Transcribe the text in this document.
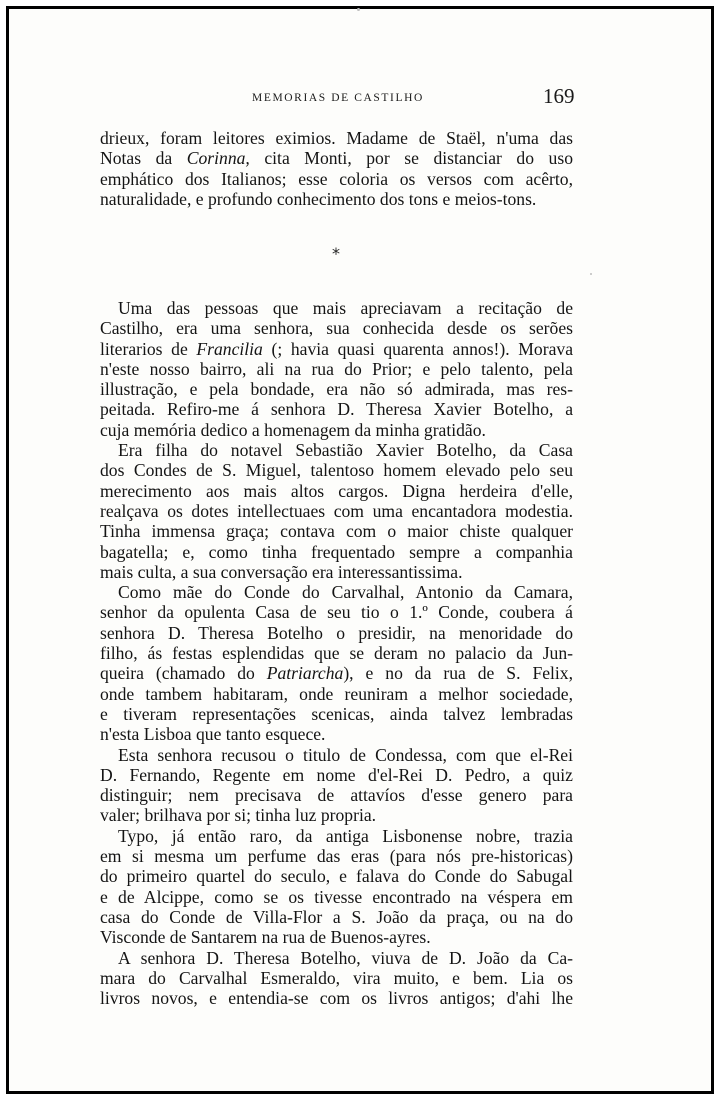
MEMORIAS DE CASTILHO	169
drieux, foram leitores eximios. Madame de Staël, n'uma das
Notas da Corinna, cita Monti, por se distanciar do uso
emphático dos Italianos; esse coloria os versos com acêrto,
naturalidade, e profundo conhecimento dos tons e meios-tons.
*
Uma das pessoas que mais apreciavam a recitação de
Castilho, era uma senhora, sua conhecida desde os serões
literarios de Francilia (; havia quasi quarenta annos!). Morava
n'este nosso bairro, ali na rua do Prior; e pelo talento, pela
illustração, e pela bondade, era não só admirada, mas res-
peitada. Refiro-me á senhora D. Theresa Xavier Botelho, a
cuja memória dedico a homenagem da minha gratidão.
Era filha do notavel Sebastião Xavier Botelho, da Casa
dos Condes de S. Miguel, talentoso homem elevado pelo seu
merecimento aos mais altos cargos. Digna herdeira d'elle,
realçava os dotes intellectuaes com uma encantadora modestia.
Tinha immensa graça; contava com o maior chiste qualquer
bagatella; e, como tinha frequentado sempre a companhia
mais culta, a sua conversação era interessantissima.
Como mãe do Conde do Carvalhal, Antonio da Camara,
senhor da opulenta Casa de seu tio o 1.º Conde, coubera á
senhora D. Theresa Botelho o presidir, na menoridade do
filho, ás festas esplendidas que se deram no palacio da Jun-
queira (chamado do Patriarcha), e no da rua de S. Felix,
onde tambem habitaram, onde reuniram a melhor sociedade,
e tiveram representações scenicas, ainda talvez lembradas
n'esta Lisboa que tanto esquece.
Esta senhora recusou o titulo de Condessa, com que el-Rei
D. Fernando, Regente em nome d'el-Rei D. Pedro, a quiz
distinguir; nem precisava de attavíos d'esse genero para
valer; brilhava por si; tinha luz propria.
Typo, já então raro, da antiga Lisbonense nobre, trazia
em si mesma um perfume das eras (para nós pre-historicas)
do primeiro quartel do seculo, e falava do Conde do Sabugal
e de Alcippe, como se os tivesse encontrado na véspera em
casa do Conde de Villa-Flor a S. João da praça, ou na do
Visconde de Santarem na rua de Buenos-ayres.
A senhora D. Theresa Botelho, viuva de D. João da Ca-
mara do Carvalhal Esmeraldo, vira muito, e bem. Lia os
livros novos, e entendia-se com os livros antigos; d'ahi lhe
